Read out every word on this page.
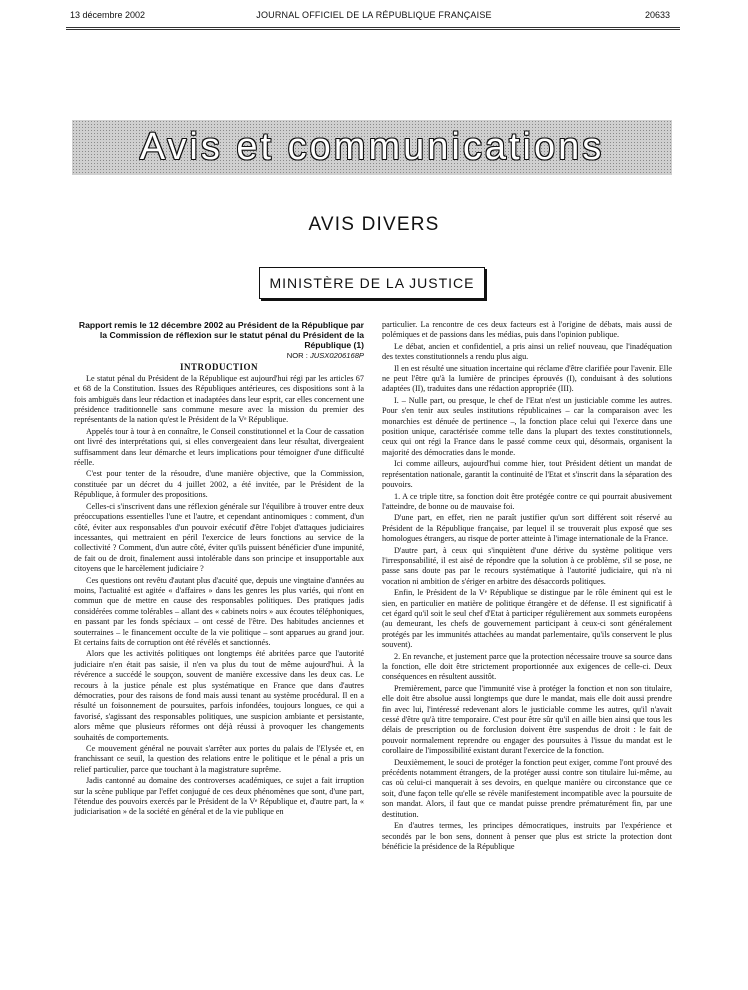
13 décembre 2002	JOURNAL OFFICIEL DE LA RÉPUBLIQUE FRANÇAISE	20633
Avis et communications
AVIS DIVERS
MINISTÈRE DE LA JUSTICE

Rapport remis le 12 décembre 2002 au Président de la République par la Commission de réflexion sur le statut pénal du Président de la République (1)

NOR : JUSX0206168P

INTRODUCTION

Le statut pénal du Président de la République est aujourd'hui régi par les articles 67 et 68 de la Constitution. Issues des Républiques antérieures, ces dispositions sont à la fois ambiguës dans leur rédaction et inadaptées dans leur esprit, car elles concernent une présidence traditionnelle sans commune mesure avec la mission du premier des représentants de la nation qu'est le Président de la Vᵉ République.

Appelés tour à tour à en connaître, le Conseil constitutionnel et la Cour de cassation ont livré des interprétations qui, si elles convergeaient dans leur résultat, divergeaient suffisamment dans leur démarche et leurs implications pour témoigner d'une difficulté réelle.

C'est pour tenter de la résoudre, d'une manière objective, que la Commission, constituée par un décret du 4 juillet 2002, a été invitée, par le Président de la République, à formuler des propositions.

Celles-ci s'inscrivent dans une réflexion générale sur l'équilibre à trouver entre deux préoccupations essentielles l'une et l'autre, et cependant antinomiques : comment, d'un côté, éviter aux responsables d'un pouvoir exécutif d'être l'objet d'attaques judiciaires incessantes, qui mettraient en péril l'exercice de leurs fonctions au service de la collectivité ? Comment, d'un autre côté, éviter qu'ils puissent bénéficier d'une impunité, de fait ou de droit, finalement aussi intolérable dans son principe et insupportable aux citoyens que le harcèlement judiciaire ?

Ces questions ont revêtu d'autant plus d'acuité que, depuis une vingtaine d'années au moins, l'actualité est agitée « d'affaires » dans les genres les plus variés, qui n'ont en commun que de mettre en cause des responsables politiques. Des pratiques jadis considérées comme tolérables – allant des « cabinets noirs » aux écoutes téléphoniques, en passant par les fonds spéciaux – ont cessé de l'être. Des habitudes anciennes et souterraines – le financement occulte de la vie politique – sont apparues au grand jour. Et certains faits de corruption ont été révélés et sanctionnés.

Alors que les activités politiques ont longtemps été abritées parce que l'autorité judiciaire n'en était pas saisie, il n'en va plus du tout de même aujourd'hui. À la révérence a succédé le soupçon, souvent de manière excessive dans les deux cas. Le recours à la justice pénale est plus systématique en France que dans d'autres démocraties, pour des raisons de fond mais aussi tenant au système procédural. Il en a résulté un foisonnement de poursuites, parfois infondées, toujours longues, ce qui a favorisé, s'agissant des responsables politiques, une suspicion ambiante et persistante, alors même que plusieurs réformes ont déjà réussi à provoquer les changements souhaités de comportements.

Ce mouvement général ne pouvait s'arrêter aux portes du palais de l'Elysée et, en franchissant ce seuil, la question des relations entre le politique et le pénal a pris un relief particulier, parce que touchant à la magistrature suprême.

Jadis cantonné au domaine des controverses académiques, ce sujet a fait irruption sur la scène publique par l'effet conjugué de ces deux phénomènes que sont, d'une part, l'étendue des pouvoirs exercés par le Président de la Vᵉ République et, d'autre part, la « judiciarisation » de la société en général et de la vie publique en

particulier. La rencontre de ces deux facteurs est à l'origine de débats, mais aussi de polémiques et de passions dans les médias, puis dans l'opinion publique.

Le débat, ancien et confidentiel, a pris ainsi un relief nouveau, que l'inadéquation des textes constitutionnels a rendu plus aigu.

Il en est résulté une situation incertaine qui réclame d'être clarifiée pour l'avenir. Elle ne peut l'être qu'à la lumière de principes éprouvés (I), conduisant à des solutions adaptées (II), traduites dans une rédaction appropriée (III).

I. – Nulle part, ou presque, le chef de l'Etat n'est un justiciable comme les autres. Pour s'en tenir aux seules institutions républicaines – car la comparaison avec les monarchies est dénuée de pertinence –, la fonction place celui qui l'exerce dans une position unique, caractérisée comme telle dans la plupart des textes constitutionnels, ceux qui ont régi la France dans le passé comme ceux qui, désormais, organisent la majorité des démocraties dans le monde.

Ici comme ailleurs, aujourd'hui comme hier, tout Président détient un mandat de représentation nationale, garantit la continuité de l'Etat et s'inscrit dans la séparation des pouvoirs.

1. A ce triple titre, sa fonction doit être protégée contre ce qui pourrait abusivement l'atteindre, de bonne ou de mauvaise foi.

D'une part, en effet, rien ne paraît justifier qu'un sort différent soit réservé au Président de la République française, par lequel il se trouverait plus exposé que ses homologues étrangers, au risque de porter atteinte à l'image internationale de la France.

D'autre part, à ceux qui s'inquiètent d'une dérive du système politique vers l'irresponsabilité, il est aisé de répondre que la solution à ce problème, s'il se pose, ne passe sans doute pas par le recours systématique à l'autorité judiciaire, qui n'a ni vocation ni ambition de s'ériger en arbitre des désaccords politiques.

Enfin, le Président de la Vᵉ République se distingue par le rôle éminent qui est le sien, en particulier en matière de politique étrangère et de défense. Il est significatif à cet égard qu'il soit le seul chef d'Etat à participer régulièrement aux sommets européens (au demeurant, les chefs de gouvernement participant à ceux-ci sont généralement protégés par les immunités attachées au mandat parlementaire, qu'ils conservent le plus souvent).

2. En revanche, et justement parce que la protection nécessaire trouve sa source dans la fonction, elle doit être strictement proportionnée aux exigences de celle-ci. Deux conséquences en résultent aussitôt.

Premièrement, parce que l'immunité vise à protéger la fonction et non son titulaire, elle doit être absolue aussi longtemps que dure le mandat, mais elle doit aussi prendre fin avec lui, l'intéressé redevenant alors le justiciable comme les autres, qu'il n'avait cessé d'être qu'à titre temporaire. C'est pour être sûr qu'il en aille bien ainsi que tous les délais de prescription ou de forclusion doivent être suspendus de droit : le fait de pouvoir normalement reprendre ou engager des poursuites à l'issue du mandat est le corollaire de l'impossibilité existant durant l'exercice de la fonction.

Deuxièmement, le souci de protéger la fonction peut exiger, comme l'ont prouvé des précédents notamment étrangers, de la protéger aussi contre son titulaire lui-même, au cas où celui-ci manquerait à ses devoirs, en quelque manière ou circonstance que ce soit, d'une façon telle qu'elle se révèle manifestement incompatible avec la poursuite de son mandat. Alors, il faut que ce mandat puisse prendre prématurément fin, par une destitution.

En d'autres termes, les principes démocratiques, instruits par l'expérience et secondés par le bon sens, donnent à penser que plus est stricte la protection dont bénéficie la présidence de la République
